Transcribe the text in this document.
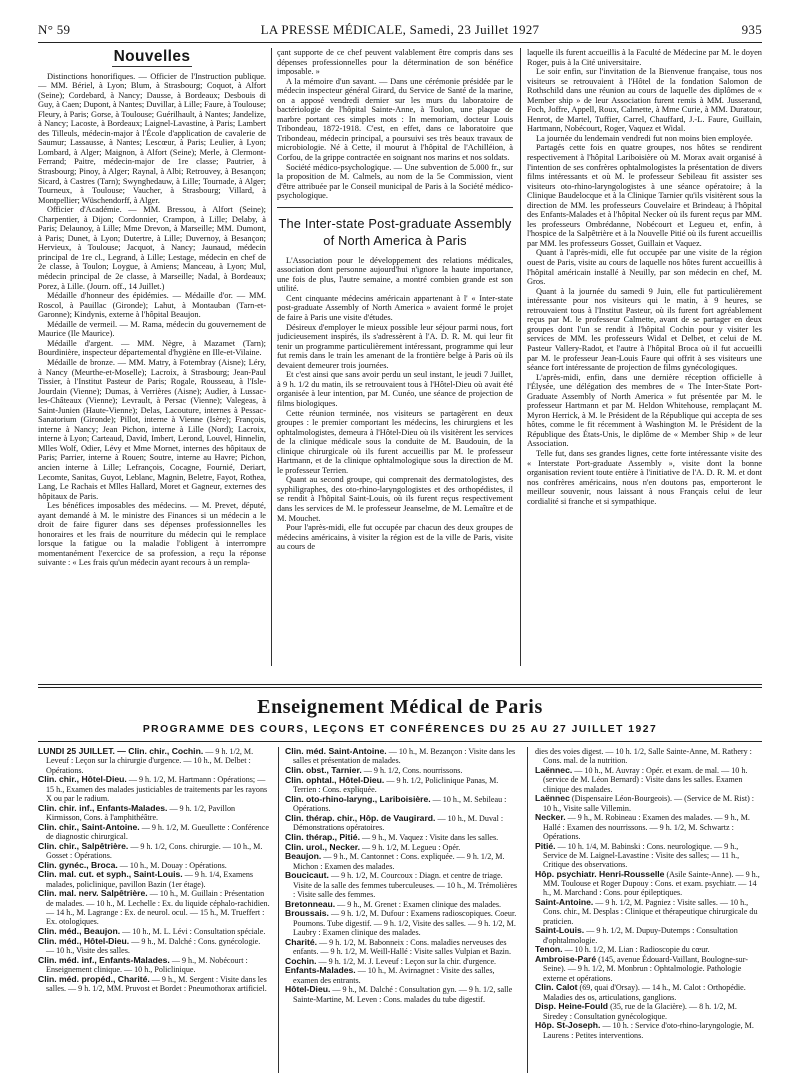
N° 59	LA PRESSE MÉDICALE, Samedi, 23 Juillet 1927	935
Nouvelles

Distinctions honorifiques. — Officier de l'Instruction publique. — MM. Bériel, à Lyon; Blum, à Strasbourg; Coquot, à Alfort (Seine); Cordebard, à Nancy; Dausse, à Bordeaux; Desbouis di Guy, à Caen; Dupont, à Nantes; Duvillar, à Lille; Faure, à Toulouse; Fleury, à Paris; Gorse, à Toulouse; Guérilhault, à Nantes; Jandelize, à Nancy; Lacoste, à Bordeaux; Laignel-Lavastine, à Paris; Lambert des Tilleuls, médecin-major à l'École d'application de cavalerie de Saumur; Lassausse, à Nantes; Lescœur, à Paris; Leulier, à Lyon; Lombard, à Alger; Maignon, à Alfort (Seine); Merle, à Clermont-Ferrand; Paitre, médecin-major de 1re classe; Pautrier, à Strasbourg; Pinoy, à Alger; Raynal, à Albi; Retrouvey, à Besançon; Sicard, à Castres (Tarn); Swynghedauw, à Lille; Tournade, à Alger; Tourneux, à Toulouse; Vaucher, à Strasbourg; Villard, à Montpellier; Wüschendorff, à Alger.

Officier d'Académie. — MM. Bressou, à Alfort (Seine); Charpentier, à Dijon; Cordonnier, Crampon, à Lille; Delaby, à Paris; Delaunoy, à Lille; Mme Drevon, à Marseille; MM. Dumont, à Paris; Dunet, à Lyon; Dutertre, à Lille; Duvernoy, à Besançon; Hervieux, à Toulouse; Jacquot, à Nancy; Jaunaud, médecin principal de 1re cl., Legrand, à Lille; Lestage, médecin en chef de 2e classe, à Toulon; Loygue, à Amiens; Manceau, à Lyon; Mul, médecin principal de 2e classe, à Marseille; Nadal, à Bordeaux; Porez, à Lille. (Journ. off., 14 Juillet.)

Médaille d'honneur des épidémies. — Médaille d'or. — MM. Roscol, à Pauillac (Gironde); Lahut, à Montauban (Tarn-et-Garonne); Kindynis, externe à l'hôpital Beaujon.

Médaille de vermeil. — M. Rama, médecin du gouvernement de Maurice (Ile Maurice).

Médaille d'argent. — MM. Nègre, à Mazamet (Tarn); Bourdinière, inspecteur départemental d'hygiène en Ille-et-Vilaine.

Médaille de bronze. — MM. Matry, à Fotembray (Aisne); Léry, à Nancy (Meurthe-et-Moselle); Lacroix, à Strasbourg; Jean-Paul Tissier, à l'Institut Pasteur de Paris; Rogale, Rousseau, à l'Isle-Jourdain (Vienne); Dumas, à Verrières (Aisne); Audier, à Lussac-les-Châteaux (Vienne); Levrault, à Persac (Vienne); Valegeas, à Saint-Junien (Haute-Vienne); Delas, Lacouture, internes à Pessac-Sanatorium (Gironde); Pillot, interne à Vienne (Isère); François, interne à Nancy; Jean Pichon, interne à Lille (Nord); Lacroix, interne à Lyon; Carteaud, David, Imbert, Lerond, Louvel, Hinnelin, Mlles Wolf, Odier, Lévy et Mme Mornet, internes des hôpitaux de Paris; Parrier, interne à Rouen; Soutre, interne au Havre; Pichon, ancien interne à Lille; Lefrançois, Cocagne, Fournié, Deriart, Lecomte, Sanitas, Guyot, Leblanc, Magnin, Beletre, Fayot, Rothea, Lang, Le Rachais et Mlles Hallard, Moret et Gagneur, externes des hôpitaux de Paris.

Les bénéfices imposables des médecins. — M. Prevet, député, ayant demandé à M. le ministre des Finances si un médecin a le droit de faire figurer dans ses dépenses professionnelles les honoraires et les frais de nourriture du médecin qui le remplace lorsque la fatigue ou la maladie l'obligent à interrompre momentanément l'exercice de sa profession, a reçu la réponse suivante : « Les frais qu'un médecin ayant recours à un rempla-

çant supporte de ce chef peuvent valablement être compris dans ses dépenses professionnelles pour la détermination de son bénéfice imposable. »

A la mémoire d'un savant. — Dans une cérémonie présidée par le médecin inspecteur général Girard, du Service de Santé de la marine, on a apposé vendredi dernier sur les murs du laboratoire de bactériologie de l'hôpital Sainte-Anne, à Toulon, une plaque de marbre portant ces simples mots : In memoriam, docteur Louis Tribondeau, 1872-1918. C'est, en effet, dans ce laboratoire que Tribondeau, médecin principal, a poursuivi ses très beaux travaux de microbiologie. Né à Cette, il mourut à l'hôpital de l'Achilléion, à Corfou, de la grippe contractée en soignant nos marins et nos soldats.

Société médico-psychologique. — Une subvention de 5.000 fr., sur la proposition de M. Calmels, au nom de la 5e Commission, vient d'être attribuée par le Conseil municipal de Paris à la Société médico-psychologique.

The Inter-state Post-graduate Assembly of North America à Paris

L'Association pour le développement des relations médicales, association dont personne aujourd'hui n'ignore la haute importance, une fois de plus, l'autre semaine, a montré combien grande est son utilité.

Cent cinquante médecins américain appartenant à l' « Inter-state post-graduate Assembly of North America » avaient formé le projet de faire à Paris une visite d'études.

Désireux d'employer le mieux possible leur séjour parmi nous, fort judicieusement inspirés, ils s'adressèrent à l'A. D. R. M. qui leur fit tenir un programme particulièrement intéressant, programme qui leur fut remis dans le train les amenant de la frontière belge à Paris où ils devaient demeurer trois journées.

Et c'est ainsi que sans avoir perdu un seul instant, le jeudi 7 Juillet, à 9 h. 1/2 du matin, ils se retrouvaient tous à l'Hôtel-Dieu où avait été organisée à leur intention, par M. Cunéo, une séance de projection de films biologiques.

Cette réunion terminée, nos visiteurs se partagèrent en deux groupes : le premier comportant les médecins, les chirurgiens et les ophtalmologistes, demeura à l'Hôtel-Dieu où ils visitèrent les services de la clinique médicale sous la conduite de M. Baudouin, de la clinique chirurgicale où ils furent accueillis par M. le professeur Hartmann, et de la clinique ophtalmologique sous la direction de M. le professeur Terrien.

Quant au second groupe, qui comprenait des dermatologistes, des syphiligraphes, des oto-rhino-laryngologistes et des orthopédistes, il se rendit à l'hôpital Saint-Louis, où ils furent reçus respectivement dans les services de M. le professeur Jeanselme, de M. Lemaître et de M. Mouchet.

Pour l'après-midi, elle fut occupée par chacun des deux groupes de médecins américains, à visiter la région est de la ville de Paris, visite au cours de

laquelle ils furent accueillis à la Faculté de Médecine par M. le doyen Roger, puis à la Cité universitaire.

Le soir enfin, sur l'invitation de la Bienvenue française, tous nos visiteurs se retrouvaient à l'Hôtel de la fondation Salomon de Rothschild dans une réunion au cours de laquelle des diplômes de « Member ship » de leur Association furent remis à MM. Jusserand, Foch, Joffre, Appell, Roux, Calmette, à Mme Curie, à MM. Duratour, Henrot, de Martel, Tuffier, Carrel, Chauffard, J.-L. Faure, Guillain, Hartmann, Nobécourt, Roger, Vaquez et Widal.

La journée du lendemain vendredi fut non moins bien employée.

Partagés cette fois en quatre groupes, nos hôtes se rendirent respectivement à l'hôpital Lariboisière où M. Morax avait organisé à l'intention de ses confrères ophtalmologistes la présentation de divers films intéressants et où M. le professeur Sebileau fit assister ses visiteurs oto-rhino-laryngologistes à une séance opératoire; à la Clinique Baudelocque et à la Clinique Tarnier qu'ils visitèrent sous la direction de MM. les professeurs Couvelaire et Brindeau; à l'hôpital des Enfants-Malades et à l'hôpital Necker où ils furent reçus par MM. les professeurs Ombrédanne, Nobécourt et Legueu et, enfin, à l'hospice de la Salpêtrière et à la Nouvelle Pitié où ils furent accueillis par MM. les professeurs Gosset, Guillain et Vaquez.

Quant à l'après-midi, elle fut occupée par une visite de la région ouest de Paris, visite au cours de laquelle nos hôtes furent accueillis à l'hôpital américain installé à Neuilly, par son médecin en chef, M. Gros.

Quant à la journée du samedi 9 Juin, elle fut particulièrement intéressante pour nos visiteurs qui le matin, à 9 heures, se retrouvaient tous à l'Institut Pasteur, où ils furent fort agréablement reçus par M. le professeur Calmette, avant de se partager en deux groupes dont l'un se rendit à l'hôpital Cochin pour y visiter les services de MM. les professeurs Widal et Delbet, et celui de M. Pasteur Vallery-Radot, et l'autre à l'hôpital Broca où il fut accueilli par M. le professeur Jean-Louis Faure qui offrit à ses visiteurs une séance fort intéressante de projection de films gynécologiques.

L'après-midi, enfin, dans une dernière réception officielle à l'Élysée, une délégation des membres de « The Inter-State Port-Graduate Assembly of North America » fut présentée par M. le professeur Hartmann et par M. Heldon Whitehouse, remplaçant M. Myron Herrick, à M. le Président de la République qui accepta de ses hôtes, comme le fit récemment à Washington M. le Président de la République des États-Unis, le diplôme de « Member Ship » de leur Association.

Telle fut, dans ses grandes lignes, cette forte intéressante visite des « Interstate Port-graduate Assembly », visite dont la bonne organisation revient toute entière à l'initiative de l'A. D. R. M. et dont nos confrères américains, nous n'en doutons pas, emporteront le meilleur souvenir, nous laissant à nous Français celui de leur cordialité si franche et si sympathique.

Enseignement Médical de Paris
PROGRAMME DES COURS, LEÇONS ET CONFÉRENCES DU 25 AU 27 JUILLET 1927

LUNDI 25 JUILLET. — Clin. chir., Cochin. — 9 h. 1/2, M. Leveuf : Leçon sur la chirurgie d'urgence. — 10 h., M. Delbet : Opérations.

Clin. chir., Hôtel-Dieu. — 9 h. 1/2, M. Hartmann : Opérations; — 15 h., Examen des malades justiciables de traitements par les rayons X ou par le radium.

Clin. chir. inf., Enfants-Malades. — 9 h. 1/2, Pavillon Kirmisson, Cons. à l'amphithéâtre.

Clin. chir., Saint-Antoine. — 9 h. 1/2, M. Gueullette : Conférence de diagnostic chirurgical.

Clin. chir., Salpêtrière. — 9 h. 1/2, Cons. chirurgie. — 10 h., M. Gosset : Opérations.

Clin. gynéc., Broca. — 10 h., M. Douay : Opérations.

Clin. mal. cut. et syph., Saint-Louis. — 9 h. 1/4, Examens malades, policlinique, pavillon Bazin (1er étage).

Clin. mal. nerv. Salpêtrière. — 10 h., M. Guillain : Présentation de malades. — 10 h., M. Lechelle : Ex. du liquide céphalo-rachidien. — 14 h., M. Lagrange : Ex. de neurol. ocul. — 15 h., M. Trueffert : Ex. otologiques.

Clin. méd., Beaujon. — 10 h., M. L. Lévi : Consultation spéciale.

Clin. méd., Hôtel-Dieu. — 9 h., M. Dalché : Cons. gynécologie. — 10 h., Visite des salles.

Clin. méd. inf., Enfants-Malades. — 9 h., M. Nobécourt : Enseignement clinique. — 10 h., Policlinique.

Clin. méd. propéd., Charité. — 9 h., M. Sergent : Visite dans les salles. — 9 h. 1/2, MM. Pruvost et Bordet : Pneumothorax artificiel.

Clin. méd. Saint-Antoine. — 10 h., M. Bezançon : Visite dans les salles et présentation de malades.

Clin. obst., Tarnier. — 9 h. 1/2, Cons. nourrissons.

Clin. ophtal., Hôtel-Dieu. — 9 h. 1/2, Policlinique Panas, M. Terrien : Cons. expliquée.

Clin. oto-rhino-laryng., Lariboisière. — 10 h., M. Sebileau : Opérations.

Clin. thérap. chir., Hôp. de Vaugirard. — 10 h., M. Duval : Démonstrations opératoires.

Clin. thérap., Pitié. — 9 h., M. Vaquez : Visite dans les salles.

Clin. urol., Necker. — 9 h. 1/2, M. Legueu : Opér.

Beaujon. — 9 h., M. Cantonnet : Cons. expliquée. — 9 h. 1/2, M. Michon : Examen des malades.

Boucicaut. — 9 h. 1/2, M. Courcoux : Diagn. et centre de triage. Visite de la salle des femmes tuberculeuses. — 10 h., M. Trémolières : Visite salle des femmes.

Bretonneau. — 9 h., M. Grenet : Examen clinique des malades.

Broussais. — 9 h. 1/2, M. Dufour : Examens radioscopiques. Coeur. Poumons. Tube digestif. — 9 h. 1/2, Visite des salles. — 9 h. 1/2, M. Laubry : Examen clinique des malades.

Charité. — 9 h. 1/2, M. Babonneix : Cons. maladies nerveuses des enfants. — 9 h. 1/2, M. Weill-Hallé : Visite salles Vulpian et Bazin.

Cochin. — 9 h. 1/2, M. J. Leveuf : Leçon sur la chir. d'urgence.

Enfants-Malades. — 10 h., M. Avirnagnet : Visite des salles, examen des entrants.

Hôtel-Dieu. — 9 h., M. Dalché : Consultation gyn. — 9 h. 1/2, salle Sainte-Martine, M. Leven : Cons. malades du tube digestif.

dies des voies digest. — 10 h. 1/2, Salle Sainte-Anne, M. Rathery : Cons. mal. de la nutrition.

Laënnec. — 10 h., M. Auvray : Opér. et exam. de mal. — 10 h. (service de M. Léon Bernard) : Visite dans les salles. Examen clinique des malades.

Laënnec (Dispensaire Léon-Bourgeois). — (Service de M. Rist) : 10 h., Visite salle Villemin.

Necker. — 9 h., M. Robineau : Examen des malades. — 9 h., M. Hallé : Examen des nourrissons. — 9 h. 1/2, M. Schwartz : Opérations.

Pitié. — 10 h. 1/4, M. Babinski : Cons. neurologique. — 9 h., Service de M. Laignel-Lavastine : Visite des salles; — 11 h., Critique des observations.

Hôp. psychiatr. Henri-Rousselle (Asile Sainte-Anne). — 9 h., MM. Toulouse et Roger Dupouy : Cons. et exam. psychiatr. — 14 h., M. Marchand : Cons. pour épileptiques.

Saint-Antoine. — 9 h. 1/2, M. Pagniez : Visite salles. — 10 h., Cons. chir., M. Desplas : Clinique et thérapeutique chirurgicale du praticien.

Saint-Louis. — 9 h. 1/2, M. Dupuy-Dutemps : Consultation d'ophtalmologie.

Tenon. — 10 h. 1/2, M. Lian : Radioscopie du cœur.

Ambroise-Paré (145, avenue Édouard-Vaillant, Boulogne-sur-Seine). — 9 h. 1/2, M. Monbrun : Ophtalmologie. Pathologie externe et opérations.

Clin. Calot (69, quai d'Orsay). — 14 h., M. Calot : Orthopédie. Maladies des os, articulations, ganglions.

Disp. Heine-Fould (35, rue de la Glacière). — 8 h. 1/2, M. Siredey : Consultation gynécologique.

Hôp. St-Joseph. — 10 h. : Service d'oto-rhino-laryngologie, M. Laurens : Petites interventions.
